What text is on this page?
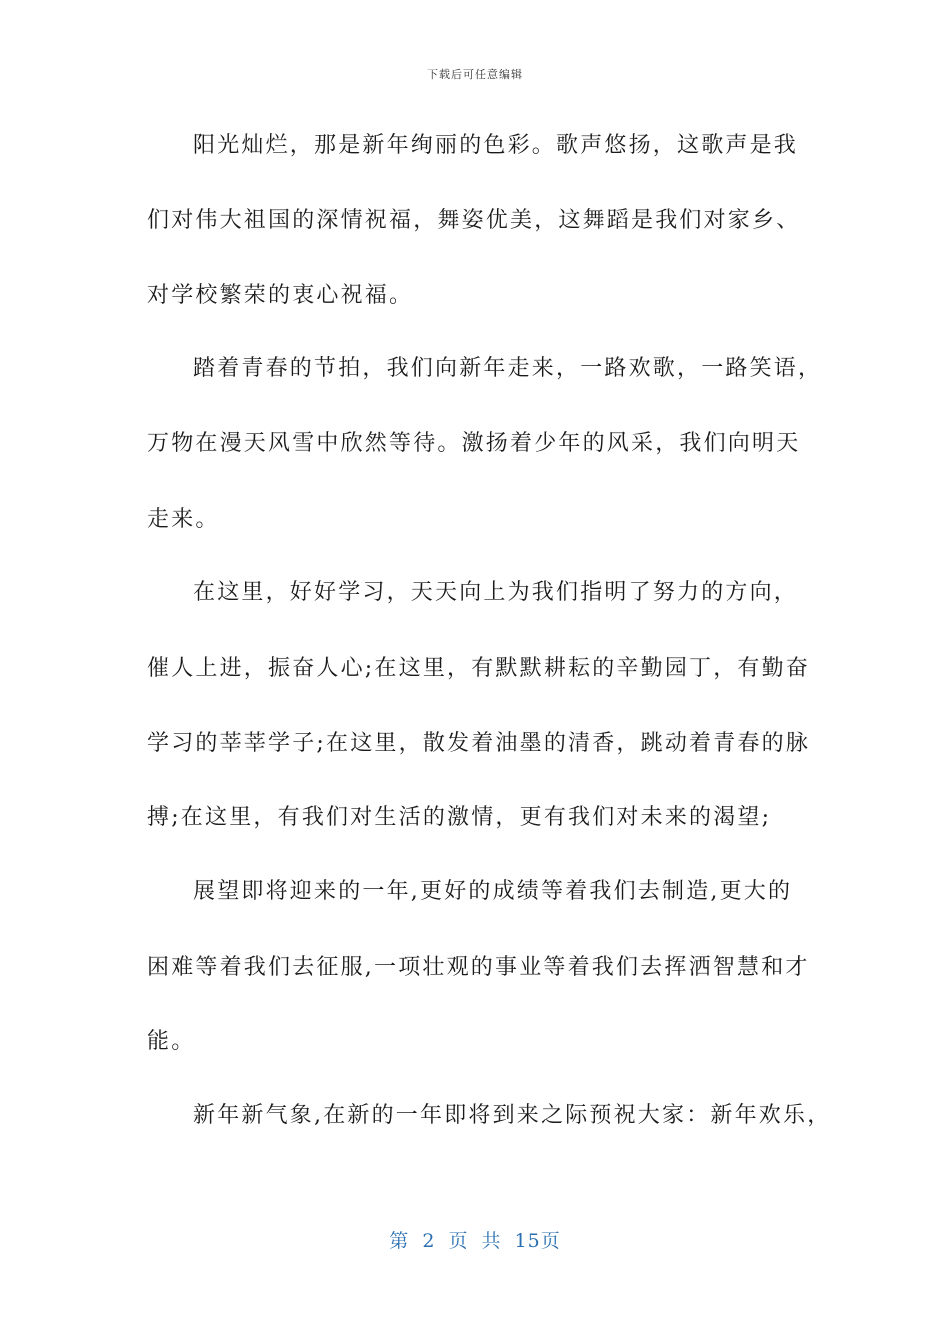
下载后可任意编辑
阳光灿烂，那是新年绚丽的色彩。歌声悠扬，这歌声是我
们对伟大祖国的深情祝福，舞姿优美，这舞蹈是我们对家乡、
对学校繁荣的衷心祝福。
踏着青春的节拍，我们向新年走来，一路欢歌，一路笑语，
万物在漫天风雪中欣然等待。激扬着少年的风采，我们向明天
走来。
在这里，好好学习，天天向上为我们指明了努力的方向，
催人上进，振奋人心;在这里，有默默耕耘的辛勤园丁，有勤奋
学习的莘莘学子;在这里，散发着油墨的清香，跳动着青春的脉
搏;在这里，有我们对生活的激情，更有我们对未来的渴望;
展望即将迎来的一年,更好的成绩等着我们去制造,更大的
困难等着我们去征服,一项壮观的事业等着我们去挥洒智慧和才
能。
新年新气象,在新的一年即将到来之际预祝大家：新年欢乐，
第 2 页 共 15页
